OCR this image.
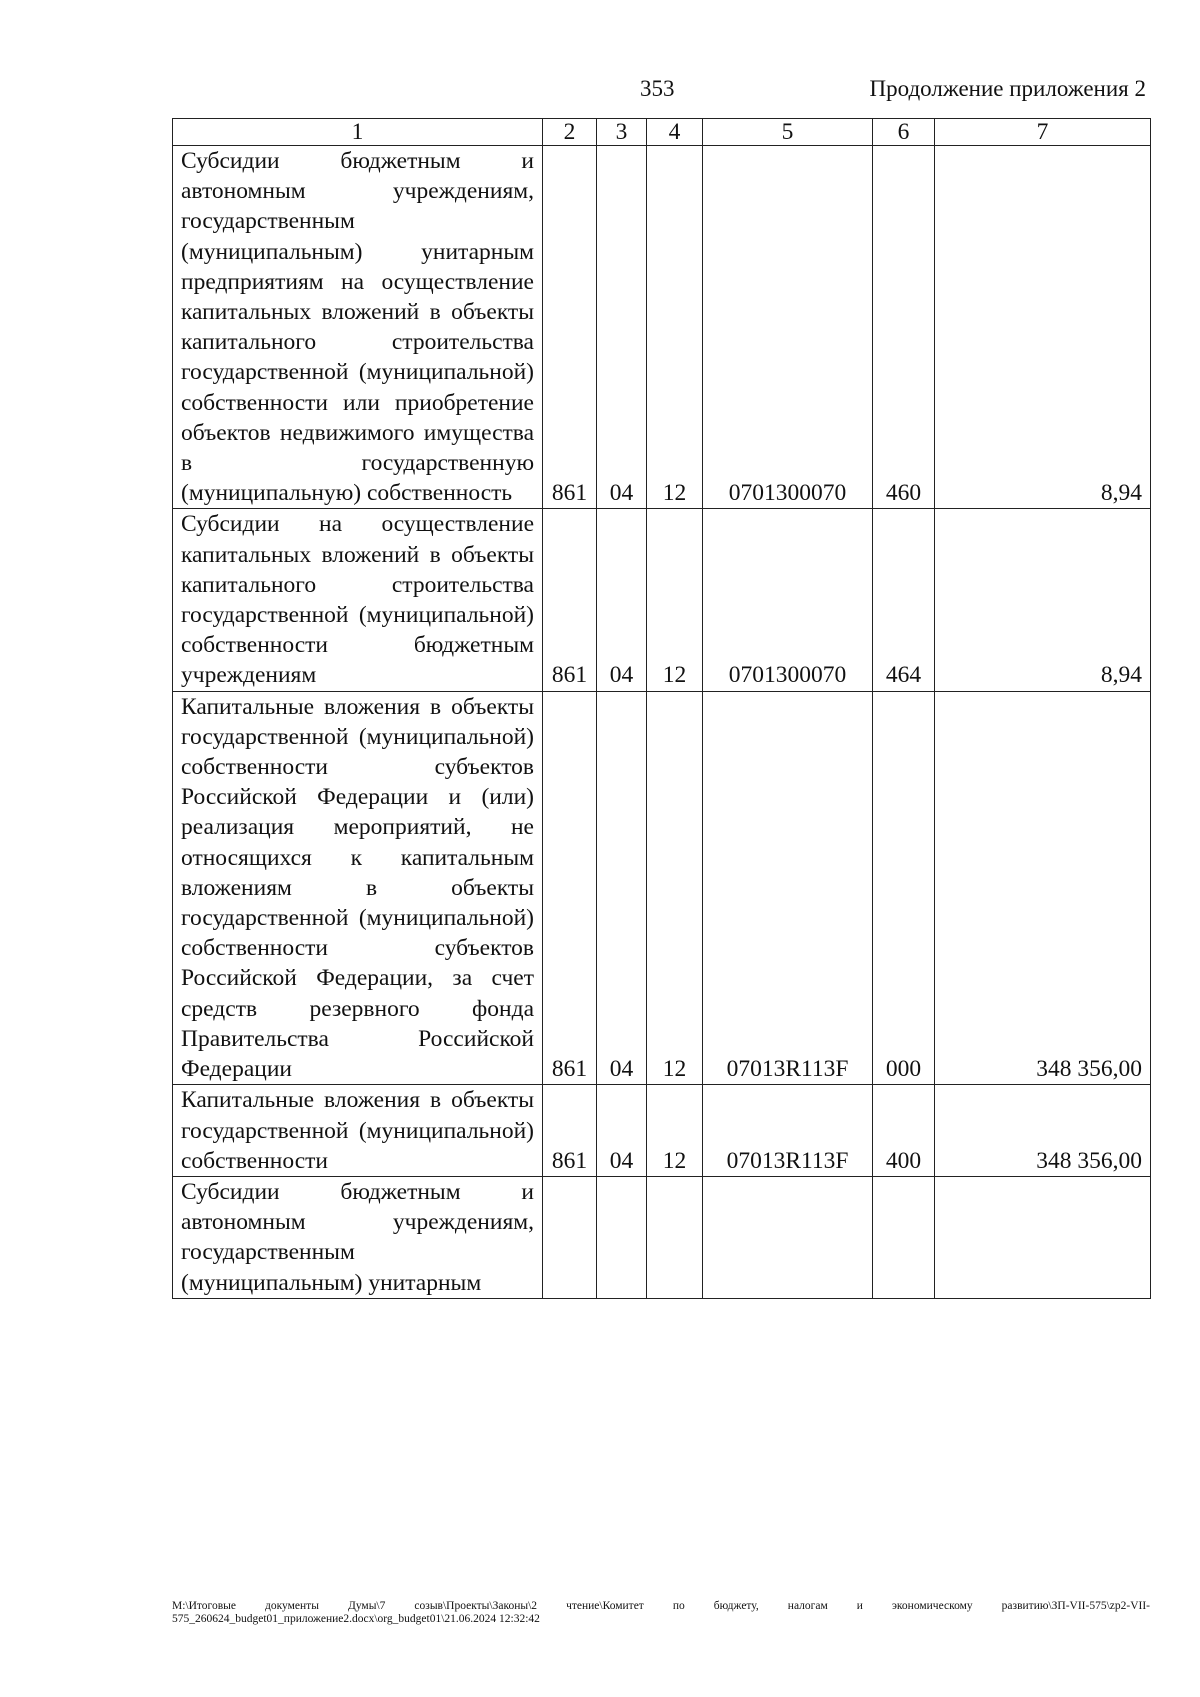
353	Продолжение приложения 2
1	2	3	4	5	6	7
Субсидии бюджетным и автономным учреждениям, государственным (муниципальным) унитарным предприятиям на осуществление капитальных вложений в объекты капитального строительства государственной (муниципальной) собственности или приобретение объектов недвижимого имущества в государственную (муниципальную) собственность	861	04	12	0701300070	460	8,94
Субсидии на осуществление капитальных вложений в объекты капитального строительства государственной (муниципальной) собственности бюджетным учреждениям	861	04	12	0701300070	464	8,94
Капитальные вложения в объекты государственной (муниципальной) собственности субъектов Российской Федерации и (или) реализация мероприятий, не относящихся к капитальным вложениям в объекты государственной (муниципальной) собственности субъектов Российской Федерации, за счет средств резервного фонда Правительства Российской Федерации	861	04	12	07013R113F	000	348 356,00
Капитальные вложения в объекты государственной (муниципальной) собственности	861	04	12	07013R113F	400	348 356,00
Субсидии бюджетным и автономным учреждениям, государственным (муниципальным) унитарным						
M:\Итоговые документы Думы\7 созыв\Проекты\Законы\2 чтение\Комитет по бюджету, налогам и экономическому развитию\ЗП-VII-575\zp2-VII-575_260624_budget01_приложение2.docx\org_budget01\21.06.2024 12:32:42
